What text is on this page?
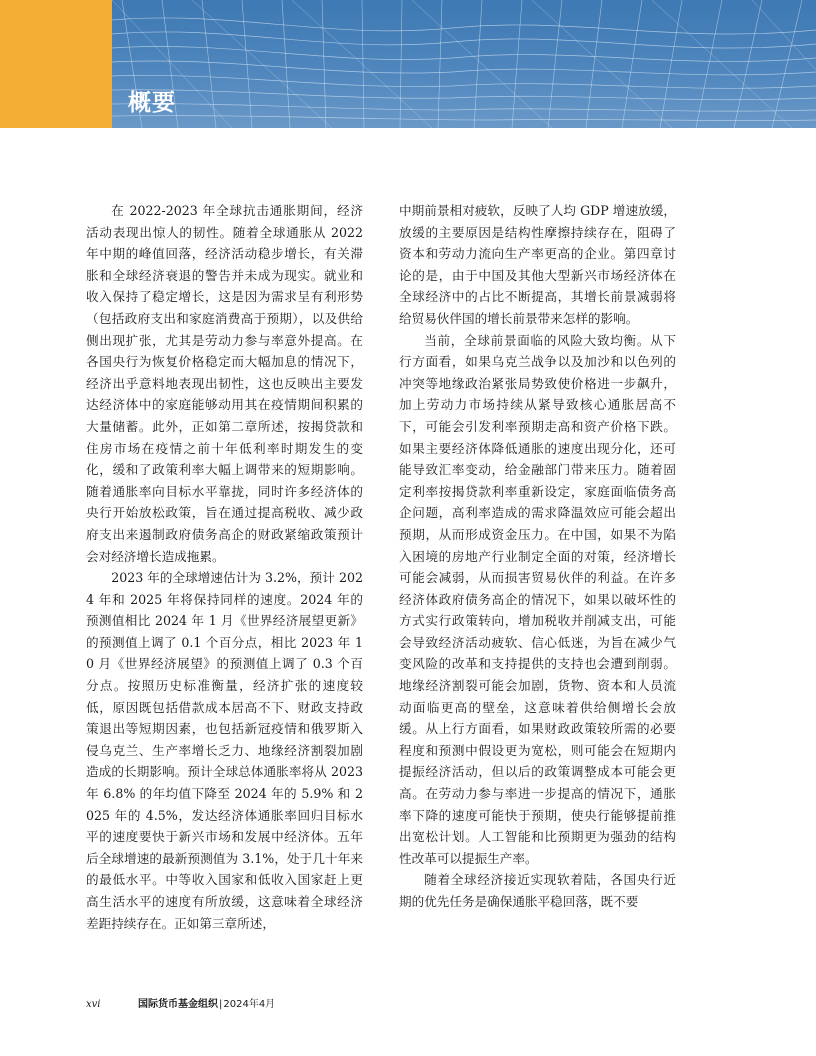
概要

在 2022-2023 年全球抗击通胀期间，经济活动表现出惊人的韧性。随着全球通胀从 2022 年中期的峰值回落，经济活动稳步增长，有关滞胀和全球经济衰退的警告并未成为现实。就业和收入保持了稳定增长，这是因为需求呈有利形势（包括政府支出和家庭消费高于预期），以及供给侧出现扩张，尤其是劳动力参与率意外提高。在各国央行为恢复价格稳定而大幅加息的情况下，经济出乎意料地表现出韧性，这也反映出主要发达经济体中的家庭能够动用其在疫情期间积累的大量储蓄。此外，正如第二章所述，按揭贷款和住房市场在疫情之前十年低利率时期发生的变化，缓和了政策利率大幅上调带来的短期影响。随着通胀率向目标水平靠拢，同时许多经济体的央行开始放松政策，旨在通过提高税收、减少政府支出来遏制政府债务高企的财政紧缩政策预计会对经济增长造成拖累。

2023 年的全球增速估计为 3.2%，预计 2024 年和 2025 年将保持同样的速度。2024 年的预测值相比 2024 年 1 月《世界经济展望更新》的预测值上调了 0.1 个百分点，相比 2023 年 10 月《世界经济展望》的预测值上调了 0.3 个百分点。按照历史标准衡量，经济扩张的速度较低，原因既包括借款成本居高不下、财政支持政策退出等短期因素，也包括新冠疫情和俄罗斯入侵乌克兰、生产率增长乏力、地缘经济割裂加剧造成的长期影响。预计全球总体通胀率将从 2023 年 6.8% 的年均值下降至 2024 年的 5.9% 和 2025 年的 4.5%，发达经济体通胀率回归目标水平的速度要快于新兴市场和发展中经济体。五年后全球增速的最新预测值为 3.1%，处于几十年来的最低水平。中等收入国家和低收入国家赶上更高生活水平的速度有所放缓，这意味着全球经济差距持续存在。正如第三章所述，

中期前景相对疲软，反映了人均 GDP 增速放缓，放缓的主要原因是结构性摩擦持续存在，阻碍了资本和劳动力流向生产率更高的企业。第四章讨论的是，由于中国及其他大型新兴市场经济体在全球经济中的占比不断提高，其增长前景减弱将给贸易伙伴国的增长前景带来怎样的影响。

当前，全球前景面临的风险大致均衡。从下行方面看，如果乌克兰战争以及加沙和以色列的冲突等地缘政治紧张局势致使价格进一步飙升，加上劳动力市场持续从紧导致核心通胀居高不下，可能会引发利率预期走高和资产价格下跌。如果主要经济体降低通胀的速度出现分化，还可能导致汇率变动，给金融部门带来压力。随着固定利率按揭贷款利率重新设定，家庭面临债务高企问题，高利率造成的需求降温效应可能会超出预期，从而形成资金压力。在中国，如果不为陷入困境的房地产行业制定全面的对策，经济增长可能会减弱，从而损害贸易伙伴的利益。在许多经济体政府债务高企的情况下，如果以破坏性的方式实行政策转向，增加税收并削减支出，可能会导致经济活动疲软、信心低迷，为旨在减少气变风险的改革和支持提供的支持也会遭到削弱。地缘经济割裂可能会加剧，货物、资本和人员流动面临更高的壁垒，这意味着供给侧增长会放缓。从上行方面看，如果财政政策较所需的必要程度和预测中假设更为宽松，则可能会在短期内提振经济活动，但以后的政策调整成本可能会更高。在劳动力参与率进一步提高的情况下，通胀率下降的速度可能快于预期，使央行能够提前推出宽松计划。人工智能和比预期更为强劲的结构性改革可以提振生产率。

随着全球经济接近实现软着陆，各国央行近期的优先任务是确保通胀平稳回落，既不要

xvi	国际货币基金组织 | 2024年4月
